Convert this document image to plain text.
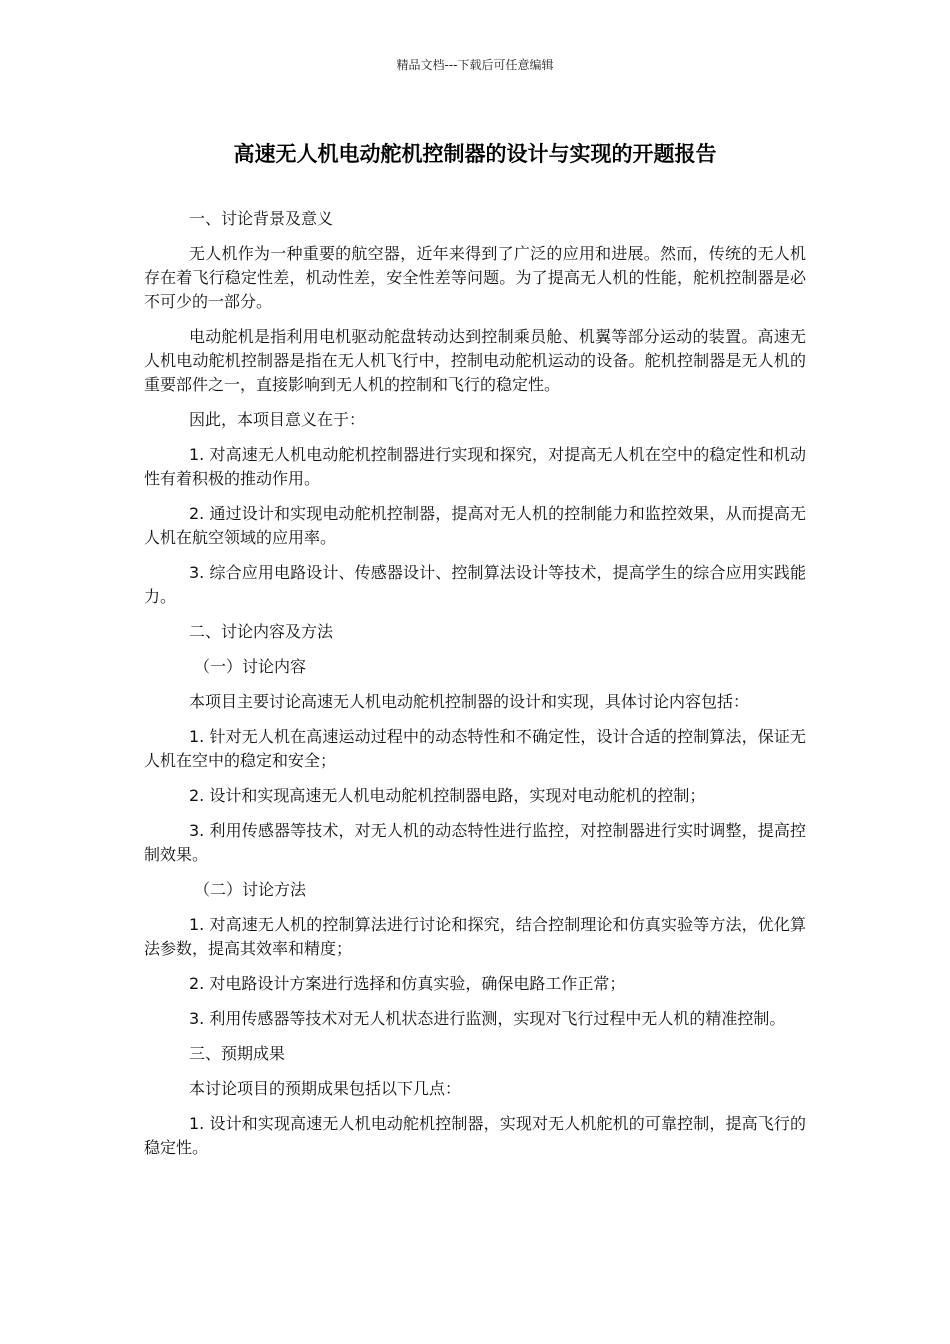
精品文档---下载后可任意编辑
高速无人机电动舵机控制器的设计与实现的开题报告

一、讨论背景及意义

无人机作为一种重要的航空器，近年来得到了广泛的应用和进展。然而，传统的无人机存在着飞行稳定性差，机动性差，安全性差等问题。为了提高无人机的性能，舵机控制器是必不可少的一部分。

电动舵机是指利用电机驱动舵盘转动达到控制乘员舱、机翼等部分运动的装置。高速无人机电动舵机控制器是指在无人机飞行中，控制电动舵机运动的设备。舵机控制器是无人机的重要部件之一，直接影响到无人机的控制和飞行的稳定性。

因此，本项目意义在于：

1. 对高速无人机电动舵机控制器进行实现和探究，对提高无人机在空中的稳定性和机动性有着积极的推动作用。

2. 通过设计和实现电动舵机控制器，提高对无人机的控制能力和监控效果，从而提高无人机在航空领域的应用率。

3. 综合应用电路设计、传感器设计、控制算法设计等技术，提高学生的综合应用实践能力。

二、讨论内容及方法

（一）讨论内容

本项目主要讨论高速无人机电动舵机控制器的设计和实现，具体讨论内容包括：

1. 针对无人机在高速运动过程中的动态特性和不确定性，设计合适的控制算法，保证无人机在空中的稳定和安全；

2. 设计和实现高速无人机电动舵机控制器电路，实现对电动舵机的控制；

3. 利用传感器等技术，对无人机的动态特性进行监控，对控制器进行实时调整，提高控制效果。

（二）讨论方法

1. 对高速无人机的控制算法进行讨论和探究，结合控制理论和仿真实验等方法，优化算法参数，提高其效率和精度；

2. 对电路设计方案进行选择和仿真实验，确保电路工作正常；

3. 利用传感器等技术对无人机状态进行监测，实现对飞行过程中无人机的精准控制。

三、预期成果

本讨论项目的预期成果包括以下几点：

1. 设计和实现高速无人机电动舵机控制器，实现对无人机舵机的可靠控制，提高飞行的稳定性。
